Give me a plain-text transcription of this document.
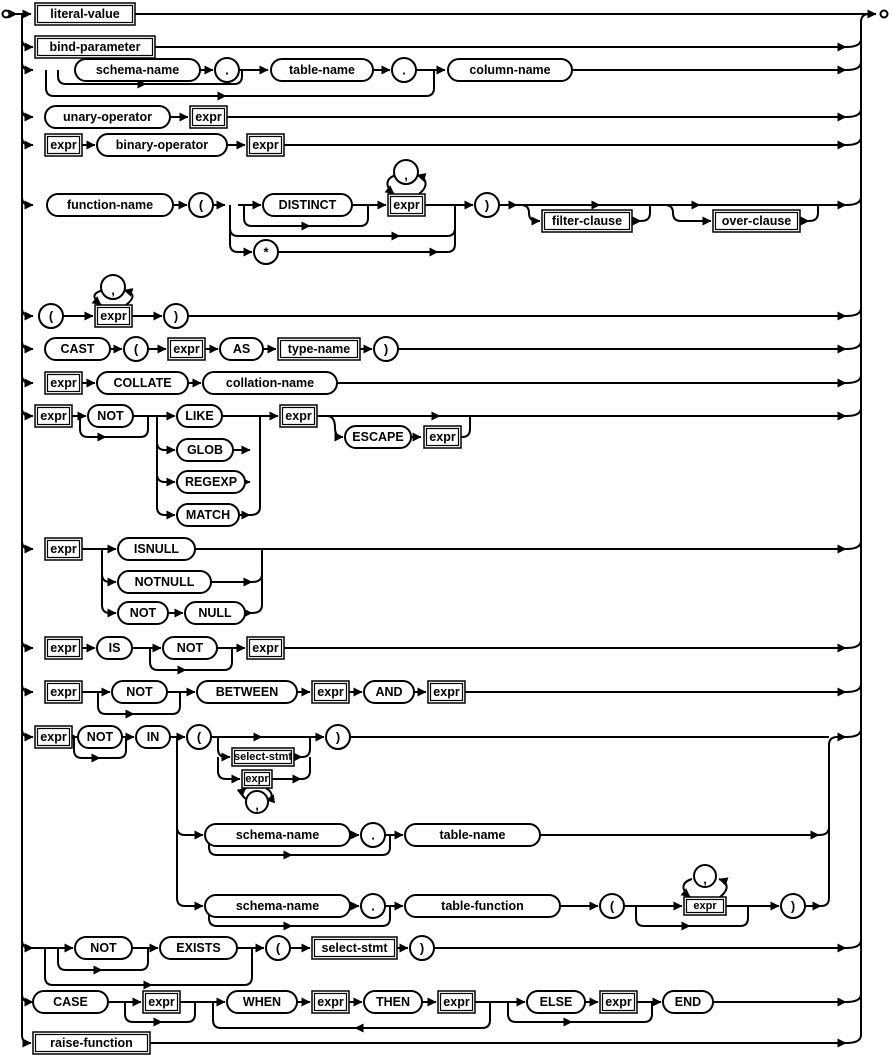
literal-value
bind-parameter
schema-name	.	table-name	.	column-name
unary-operator	expr
expr	binary-operator	expr
function-name	(	DISTINCT
,
expr
*
)
filter-clause	over-clause
(
,
expr	)
CAST	(	expr	AS	type-name	)
expr	COLLATE	collation-name
expr NOT	LIKE
GLOB
REGEXP
MATCH
expr
ESCAPE expr
expr	ISNULL
NOTNULL
NOT	NULL
expr	IS	NOT	expr
expr	NOT	BETWEEN	expr	AND expr
expr NOT	IN	(
select-stmt
expr
,
)
schema-name	.	table-name
schema-name	.	table-function	(	expr
,
)
NOT	EXISTS	(	select-stmt )
CASE	expr	WHEN	expr	THEN	expr	ELSE	expr	END
raise-function
